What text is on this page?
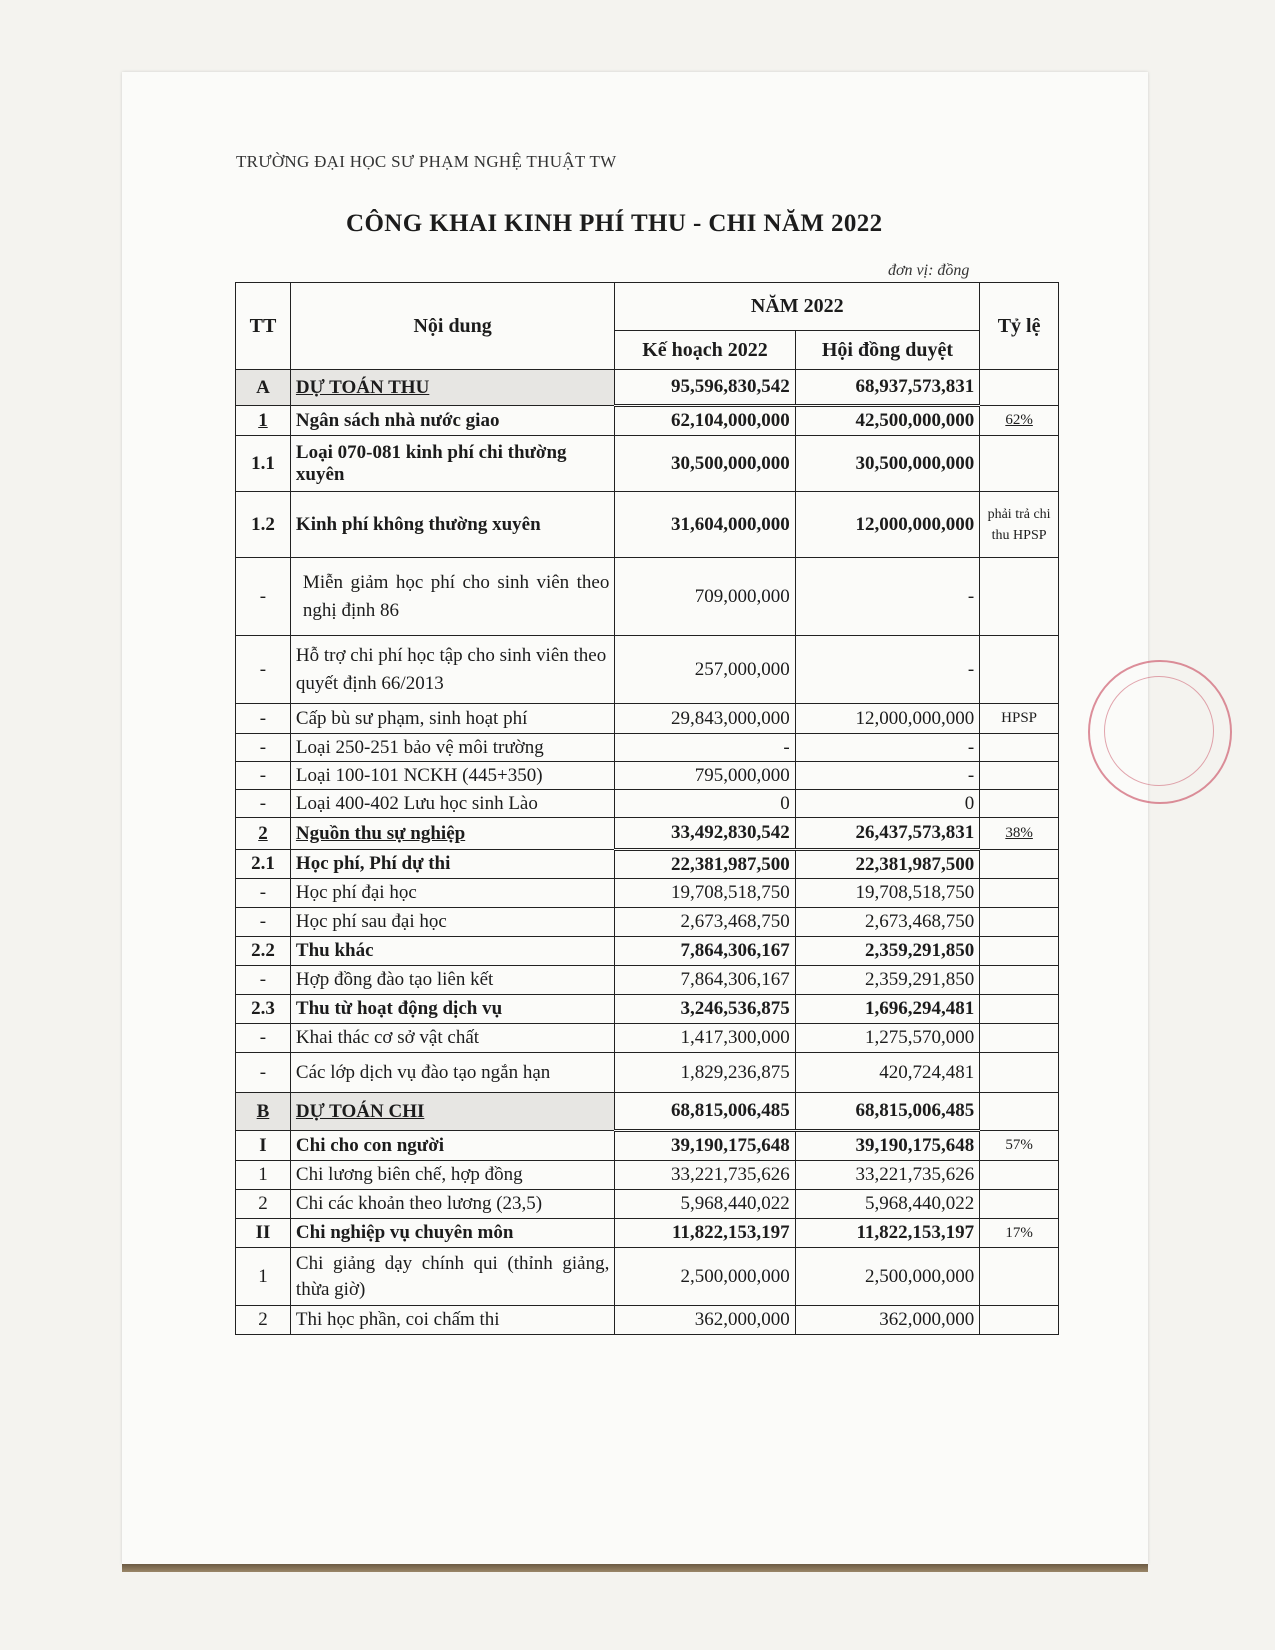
TRƯỜNG ĐẠI HỌC SƯ PHẠM NGHỆ THUẬT TW
CÔNG KHAI KINH PHÍ THU - CHI NĂM 2022
đơn vị: đồng
TT	Nội dung	NĂM 2022		Tỷ lệ
		Kế hoạch 2022	Hội đồng duyệt	
A	DỰ TOÁN THU	95,596,830,542	68,937,573,831	
1	Ngân sách nhà nước giao	62,104,000,000	42,500,000,000	62%
1.1	Loại 070-081 kinh phí chi thường xuyên	30,500,000,000	30,500,000,000	
1.2	Kinh phí không thường xuyên	31,604,000,000	12,000,000,000	phải trả chi thu HPSP
-	Miễn giảm học phí cho sinh viên theo nghị định 86	709,000,000	-	
-	Hỗ trợ chi phí học tập cho sinh viên theo quyết định 66/2013	257,000,000	-	
-	Cấp bù sư phạm, sinh hoạt phí	29,843,000,000	12,000,000,000	HPSP
-	Loại 250-251 bảo vệ môi trường	-	-	
-	Loại 100-101 NCKH (445+350)	795,000,000	-	
-	Loại 400-402 Lưu học sinh Lào	0	0	
2	Nguồn thu sự nghiệp	33,492,830,542	26,437,573,831	38%
2.1	Học phí, Phí dự thi	22,381,987,500	22,381,987,500	
-	Học phí đại học	19,708,518,750	19,708,518,750	
-	Học phí sau đại học	2,673,468,750	2,673,468,750	
2.2	Thu khác	7,864,306,167	2,359,291,850	
-	Hợp đồng đào tạo liên kết	7,864,306,167	2,359,291,850	
2.3	Thu từ hoạt động dịch vụ	3,246,536,875	1,696,294,481	
-	Khai thác cơ sở vật chất	1,417,300,000	1,275,570,000	
-	Các lớp dịch vụ đào tạo ngắn hạn	1,829,236,875	420,724,481	
B	DỰ TOÁN CHI	68,815,006,485	68,815,006,485	
I	Chi cho con người	39,190,175,648	39,190,175,648	57%
1	Chi lương biên chế, hợp đồng	33,221,735,626	33,221,735,626	
2	Chi các khoản theo lương (23,5)	5,968,440,022	5,968,440,022	
II	Chi nghiệp vụ chuyên môn	11,822,153,197	11,822,153,197	17%
1	Chi giảng dạy chính qui (thỉnh giảng, thừa giờ)	2,500,000,000	2,500,000,000	
2	Thi học phần, coi chấm thi	362,000,000	362,000,000	
